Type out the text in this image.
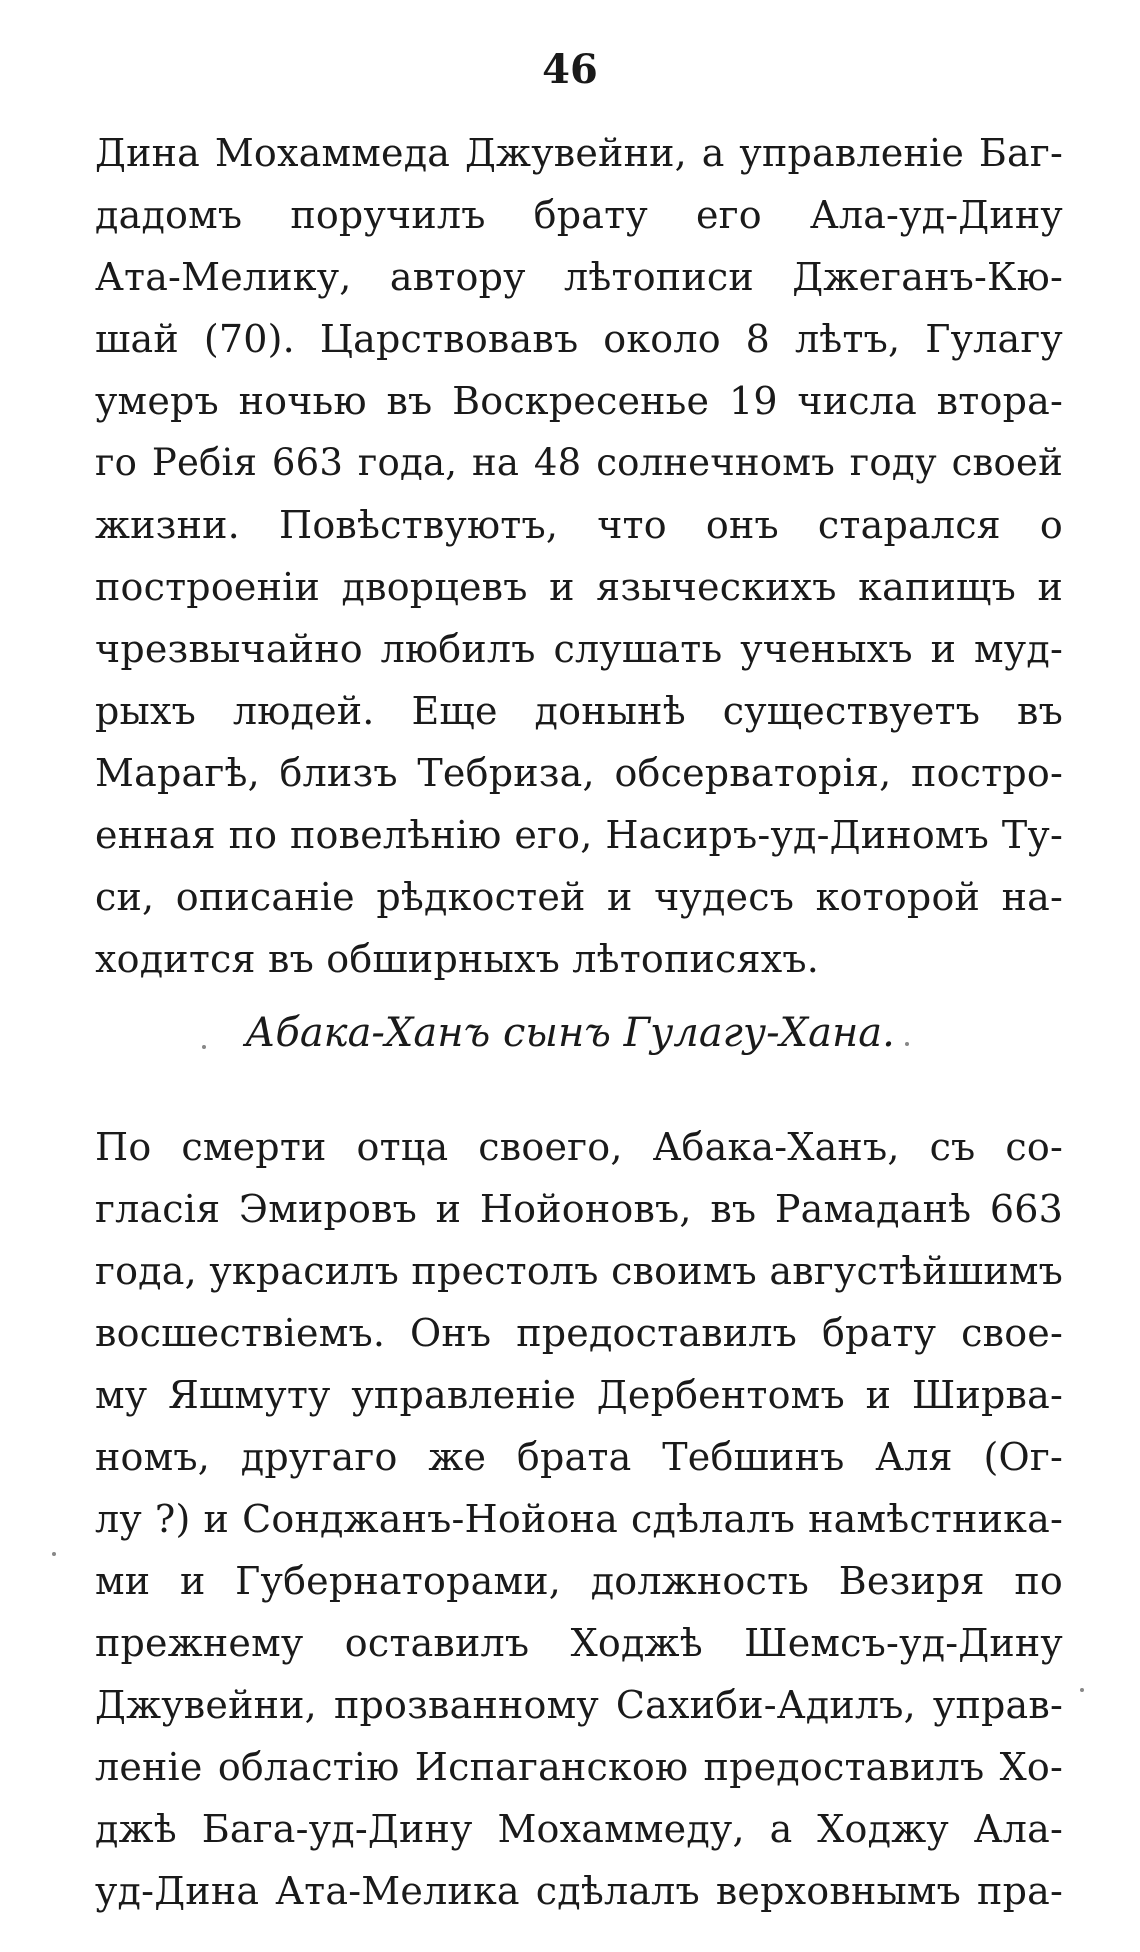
46
Дина Мохаммеда Джувейни, а управленіе Баг-
дадомъ поручилъ брату его Ала-уд-Дину
Ата-Мелику, автору лѣтописи Джеганъ-Кю-
шай (70). Царствовавъ около 8 лѣтъ, Гулагу
умеръ ночью въ Воскресенье 19 числа втора-
го Ребія 663 года, на 48 солнечномъ году своей
жизни. Повѣствуютъ, что онъ старался о
построеніи дворцевъ и языческихъ капищъ и
чрезвычайно любилъ слушать ученыхъ и муд-
рыхъ людей. Еще донынѣ существуетъ въ
Марагѣ, близъ Тебриза, обсерваторія, постро-
енная по повелѣнію его, Насиръ-уд-Диномъ Ту-
си, описаніе рѣдкостей и чудесъ которой на-
ходится въ обширныхъ лѣтописяхъ.
Абака-Ханъ сынъ Гулагу-Хана.
По смерти отца своего, Абака-Ханъ, съ со-
гласія Эмировъ и Нойоновъ, въ Рамаданѣ 663
года, украсилъ престолъ своимъ августѣйшимъ
восшествіемъ. Онъ предоставилъ брату свое-
му Яшмуту управленіе Дербентомъ и Ширва-
номъ, другаго же брата Тебшинъ Аля (Ог-
лу ?) и Сонджанъ-Нойона сдѣлалъ намѣстника-
ми и Губернаторами, должность Везиря по
прежнему оставилъ Ходжѣ Шемсъ-уд-Дину
Джувейни, прозванному Сахиби-Адилъ, управ-
леніе областію Испаганскою предоставилъ Хо-
джѣ Бага-уд-Дину Мохаммеду, а Ходжу Ала-
уд-Дина Ата-Мелика сдѣлалъ верховнымъ пра-
